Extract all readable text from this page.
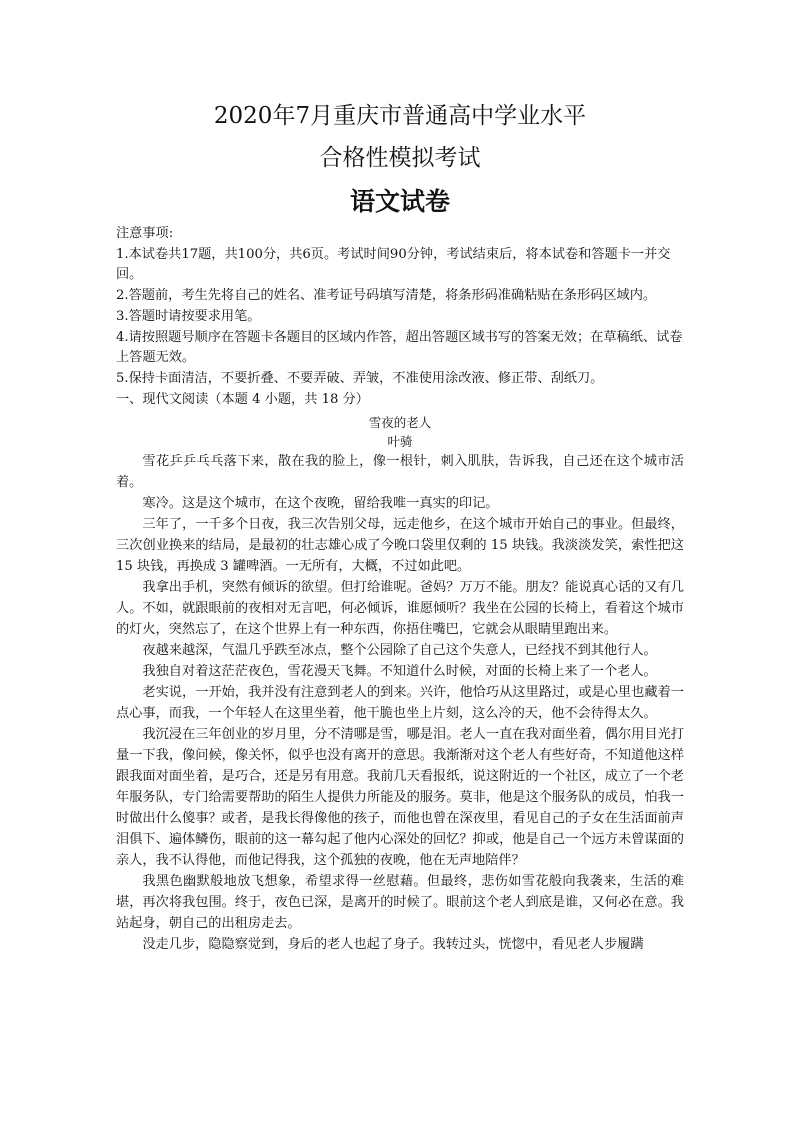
2020年7月重庆市普通高中学业水平
合格性模拟考试
语文试卷

注意事项:

1.本试卷共17题，共100分，共6页。考试时间90分钟，考试结束后，将本试卷和答题卡一并交回。

2.答题前，考生先将自己的姓名、准考证号码填写清楚，将条形码准确粘贴在条形码区域内。

3.答题时请按要求用笔。

4.请按照题号顺序在答题卡各题目的区域内作答，超出答题区域书写的答案无效；在草稿纸、试卷上答题无效。

5.保持卡面清洁，不要折叠、不要弄破、弄皱，不准使用涂改液、修正带、刮纸刀。

一、现代文阅读（本题 4 小题，共 18 分）

雪夜的老人

叶骑

雪花乒乒乓乓落下来，散在我的脸上，像一根针，刺入肌肤，告诉我，自己还在这个城市活着。

寒冷。这是这个城市，在这个夜晚，留给我唯一真实的印记。

三年了，一千多个日夜，我三次告别父母，远走他乡，在这个城市开始自己的事业。但最终，三次创业换来的结局，是最初的壮志雄心成了今晚口袋里仅剩的 15 块钱。我淡淡发笑，索性把这 15 块钱，再换成 3 罐啤酒。一无所有，大概，不过如此吧。

我拿出手机，突然有倾诉的欲望。但打给谁呢。爸妈？万万不能。朋友？能说真心话的又有几人。不如，就跟眼前的夜相对无言吧，何必倾诉，谁愿倾听？我坐在公园的长椅上，看着这个城市的灯火，突然忘了，在这个世界上有一种东西，你捂住嘴巴，它就会从眼睛里跑出来。

夜越来越深，气温几乎跌至冰点，整个公园除了自己这个失意人，已经找不到其他行人。

我独自对着这茫茫夜色，雪花漫天飞舞。不知道什么时候，对面的长椅上来了一个老人。

老实说，一开始，我并没有注意到老人的到来。兴许，他恰巧从这里路过，或是心里也藏着一点心事，而我，一个年轻人在这里坐着，他干脆也坐上片刻，这么冷的天，他不会待得太久。

我沉浸在三年创业的岁月里，分不清哪是雪，哪是泪。老人一直在我对面坐着，偶尔用目光打量一下我，像问候，像关怀，似乎也没有离开的意思。我渐渐对这个老人有些好奇，不知道他这样跟我面对面坐着，是巧合，还是另有用意。我前几天看报纸，说这附近的一个社区，成立了一个老年服务队，专门给需要帮助的陌生人提供力所能及的服务。莫非，他是这个服务队的成员，怕我一时做出什么傻事？或者，是我长得像他的孩子，而他也曾在深夜里，看见自己的子女在生活面前声泪俱下、遍体鳞伤，眼前的这一幕勾起了他内心深处的回忆？抑或，他是自己一个远方未曾谋面的亲人，我不认得他，而他记得我，这个孤独的夜晚，他在无声地陪伴？

我黑色幽默般地放飞想象，希望求得一丝慰藉。但最终，悲伤如雪花般向我袭来，生活的难堪，再次将我包围。终于，夜色已深，是离开的时候了。眼前这个老人到底是谁，又何必在意。我站起身，朝自己的出租房走去。

没走几步，隐隐察觉到，身后的老人也起了身子。我转过头，恍惚中，看见老人步履蹒
